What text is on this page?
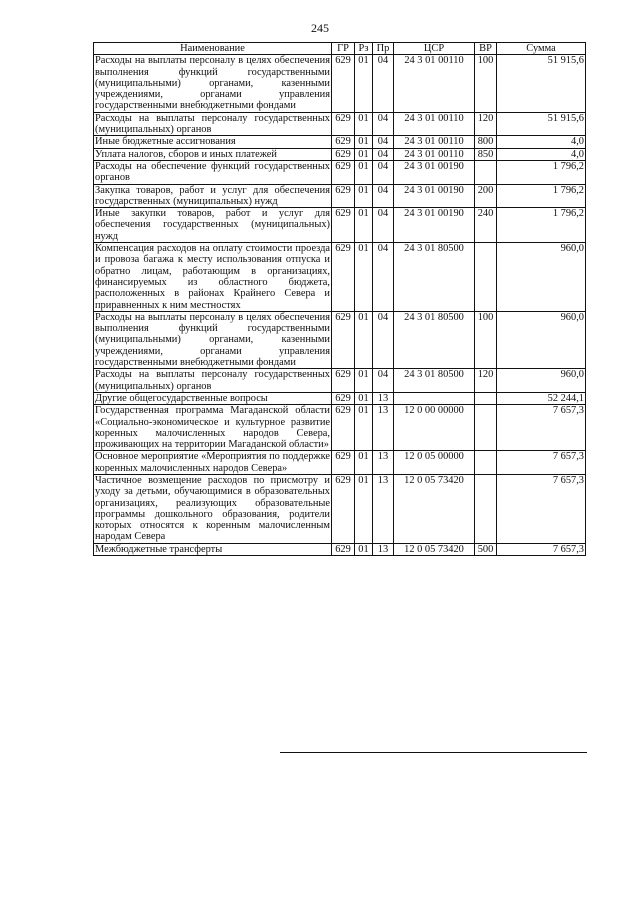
245
Наименование	ГР	Рз	Пр	ЦСР	ВР	Сумма
Расходы на выплаты персоналу в целях обеспечения выполнения функций государственными (муниципальными) органами, казенными учреждениями, органами управления государственными внебюджетными фондами	629	01	04	24 3 01 00110	100	51 915,6
Расходы на выплаты персоналу государственных (муниципальных) органов	629	01	04	24 3 01 00110	120	51 915,6
Иные бюджетные ассигнования	629	01	04	24 3 01 00110	800	4,0
Уплата налогов, сборов и иных платежей	629	01	04	24 3 01 00110	850	4,0
Расходы на обеспечение функций государственных органов	629	01	04	24 3 01 00190		1 796,2
Закупка товаров, работ и услуг для обеспечения государственных (муниципальных) нужд	629	01	04	24 3 01 00190	200	1 796,2
Иные закупки товаров, работ и услуг для обеспечения государственных (муниципальных) нужд	629	01	04	24 3 01 00190	240	1 796,2
Компенсация расходов на оплату стоимости проезда и провоза багажа к месту использования отпуска и обратно лицам, работающим в организациях, финансируемых из областного бюджета, расположенных в районах Крайнего Севера и приравненных к ним местностях	629	01	04	24 3 01 80500		960,0
Расходы на выплаты персоналу в целях обеспечения выполнения функций государственными (муниципальными) органами, казенными учреждениями, органами управления государственными внебюджетными фондами	629	01	04	24 3 01 80500	100	960,0
Расходы на выплаты персоналу государственных (муниципальных) органов	629	01	04	24 3 01 80500	120	960,0
Другие общегосударственные вопросы	629	01	13			52 244,1
Государственная программа Магаданской области «Социально-экономическое и культурное развитие коренных малочисленных народов Севера, проживающих на территории Магаданской области»	629	01	13	12 0 00 00000		7 657,3
Основное мероприятие «Мероприятия по поддержке коренных малочисленных народов Севера»	629	01	13	12 0 05 00000		7 657,3
Частичное возмещение расходов по присмотру и уходу за детьми, обучающимися в образовательных организациях, реализующих образовательные программы дошкольного образования, родители которых относятся к коренным малочисленным народам Севера	629	01	13	12 0 05 73420		7 657,3
Межбюджетные трансферты	629	01	13	12 0 05 73420	500	7 657,3
